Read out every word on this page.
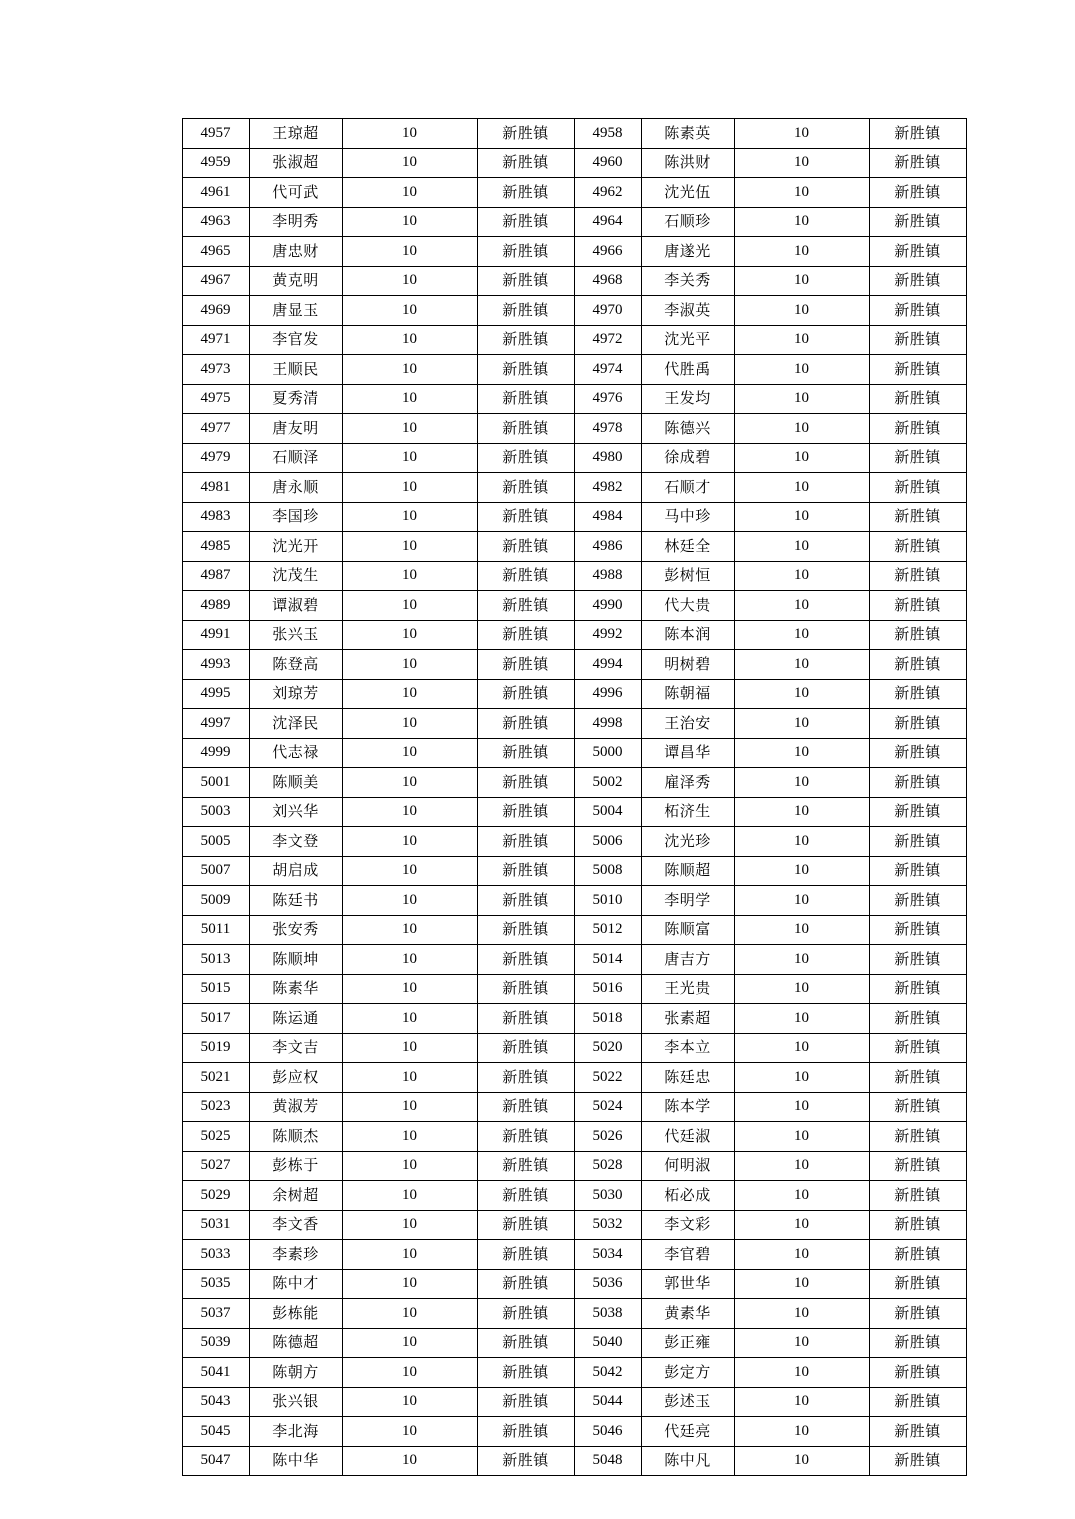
4957	王琼超	10	新胜镇	4958	陈素英	10	新胜镇
4959	张淑超	10	新胜镇	4960	陈洪财	10	新胜镇
4961	代可武	10	新胜镇	4962	沈光伍	10	新胜镇
4963	李明秀	10	新胜镇	4964	石顺珍	10	新胜镇
4965	唐忠财	10	新胜镇	4966	唐遂光	10	新胜镇
4967	黄克明	10	新胜镇	4968	李关秀	10	新胜镇
4969	唐显玉	10	新胜镇	4970	李淑英	10	新胜镇
4971	李官发	10	新胜镇	4972	沈光平	10	新胜镇
4973	王顺民	10	新胜镇	4974	代胜禹	10	新胜镇
4975	夏秀清	10	新胜镇	4976	王发均	10	新胜镇
4977	唐友明	10	新胜镇	4978	陈德兴	10	新胜镇
4979	石顺泽	10	新胜镇	4980	徐成碧	10	新胜镇
4981	唐永顺	10	新胜镇	4982	石顺才	10	新胜镇
4983	李国珍	10	新胜镇	4984	马中珍	10	新胜镇
4985	沈光开	10	新胜镇	4986	林廷全	10	新胜镇
4987	沈茂生	10	新胜镇	4988	彭树恒	10	新胜镇
4989	谭淑碧	10	新胜镇	4990	代大贵	10	新胜镇
4991	张兴玉	10	新胜镇	4992	陈本润	10	新胜镇
4993	陈登高	10	新胜镇	4994	明树碧	10	新胜镇
4995	刘琼芳	10	新胜镇	4996	陈朝福	10	新胜镇
4997	沈泽民	10	新胜镇	4998	王治安	10	新胜镇
4999	代志禄	10	新胜镇	5000	谭昌华	10	新胜镇
5001	陈顺美	10	新胜镇	5002	雇泽秀	10	新胜镇
5003	刘兴华	10	新胜镇	5004	柘济生	10	新胜镇
5005	李文登	10	新胜镇	5006	沈光珍	10	新胜镇
5007	胡启成	10	新胜镇	5008	陈顺超	10	新胜镇
5009	陈廷书	10	新胜镇	5010	李明学	10	新胜镇
5011	张安秀	10	新胜镇	5012	陈顺富	10	新胜镇
5013	陈顺坤	10	新胜镇	5014	唐吉方	10	新胜镇
5015	陈素华	10	新胜镇	5016	王光贵	10	新胜镇
5017	陈运通	10	新胜镇	5018	张素超	10	新胜镇
5019	李文吉	10	新胜镇	5020	李本立	10	新胜镇
5021	彭应权	10	新胜镇	5022	陈廷忠	10	新胜镇
5023	黄淑芳	10	新胜镇	5024	陈本学	10	新胜镇
5025	陈顺杰	10	新胜镇	5026	代廷淑	10	新胜镇
5027	彭栋于	10	新胜镇	5028	何明淑	10	新胜镇
5029	余树超	10	新胜镇	5030	柘必成	10	新胜镇
5031	李文香	10	新胜镇	5032	李文彩	10	新胜镇
5033	李素珍	10	新胜镇	5034	李官碧	10	新胜镇
5035	陈中才	10	新胜镇	5036	郭世华	10	新胜镇
5037	彭栋能	10	新胜镇	5038	黄素华	10	新胜镇
5039	陈德超	10	新胜镇	5040	彭正雍	10	新胜镇
5041	陈朝方	10	新胜镇	5042	彭定方	10	新胜镇
5043	张兴银	10	新胜镇	5044	彭述玉	10	新胜镇
5045	李北海	10	新胜镇	5046	代廷亮	10	新胜镇
5047	陈中华	10	新胜镇	5048	陈中凡	10	新胜镇
